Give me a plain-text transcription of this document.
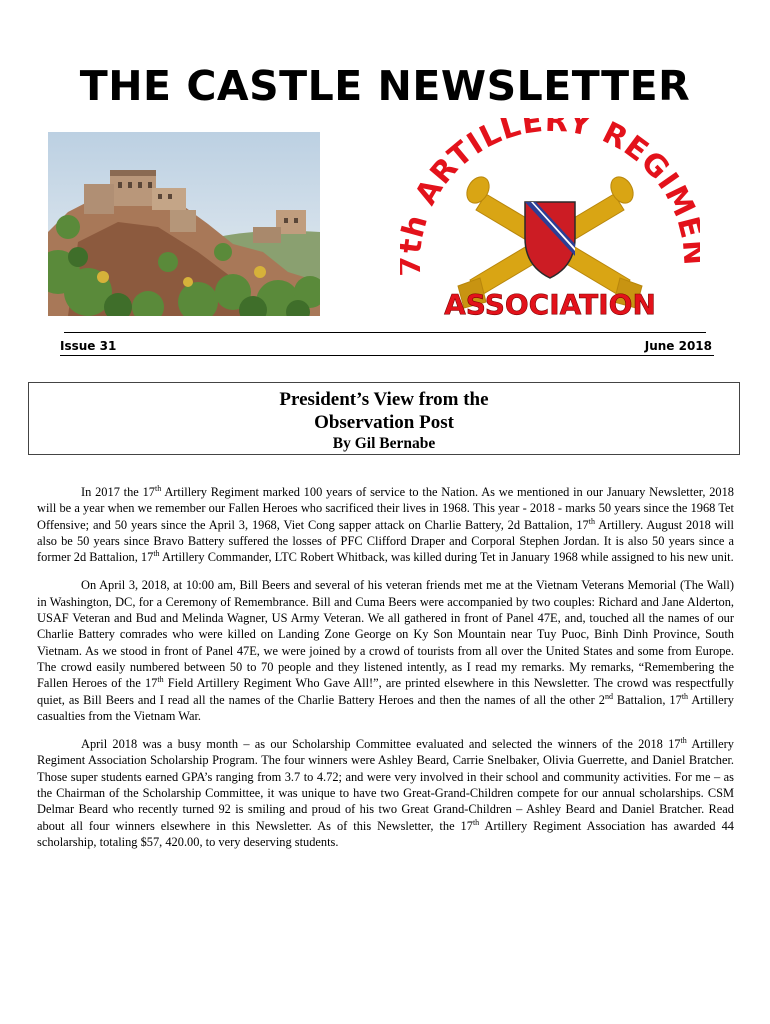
THE CASTLE NEWSLETTER
ARTILLERY REGIM
ASSOCIATION
Issue 31	June 2018
President’s View from the
Observation Post
By Gil Bernabe

In 2017 the 17th Artillery Regiment marked 100 years of service to the Nation. As we mentioned in our January Newsletter, 2018 will be a year when we remember our Fallen Heroes who sacrificed their lives in 1968. This year - 2018 - marks 50 years since the 1968 Tet Offensive; and 50 years since the April 3, 1968, Viet Cong sapper attack on Charlie Battery, 2d Battalion, 17th Artillery. August 2018 will also be 50 years since Bravo Battery suffered the losses of PFC Clifford Draper and Corporal Stephen Jordan. It is also 50 years since a former 2d Battalion, 17th Artillery Commander, LTC Robert Whitback, was killed during Tet in January 1968 while assigned to his new unit.

On April 3, 2018, at 10:00 am, Bill Beers and several of his veteran friends met me at the Vietnam Veterans Memorial (The Wall) in Washington, DC, for a Ceremony of Remembrance. Bill and Cuma Beers were accompanied by two couples: Richard and Jane Alderton, USAF Veteran and Bud and Melinda Wagner, US Army Veteran. We all gathered in front of Panel 47E, and, touched all the names of our Charlie Battery comrades who were killed on Landing Zone George on Ky Son Mountain near Tuy Puoc, Binh Dinh Province, South Vietnam. As we stood in front of Panel 47E, we were joined by a crowd of tourists from all over the United States and some from Europe. The crowd easily numbered between 50 to 70 people and they listened intently, as I read my remarks. My remarks, “Remembering the Fallen Heroes of the 17th Field Artillery Regiment Who Gave All!”, are printed elsewhere in this Newsletter. The crowd was respectfully quiet, as Bill Beers and I read all the names of the Charlie Battery Heroes and then the names of all the other 2nd Battalion, 17th Artillery casualties from the Vietnam War.

April 2018 was a busy month – as our Scholarship Committee evaluated and selected the winners of the 2018 17th Artillery Regiment Association Scholarship Program. The four winners were Ashley Beard, Carrie Snelbaker, Olivia Guerrette, and Daniel Bratcher. Those super students earned GPA’s ranging from 3.7 to 4.72; and were very involved in their school and community activities. For me – as the Chairman of the Scholarship Committee, it was unique to have two Great-Grand-Children compete for our annual scholarships. CSM Delmar Beard who recently turned 92 is smiling and proud of his two Great Grand-Children – Ashley Beard and Daniel Bratcher. Read about all four winners elsewhere in this Newsletter. As of this Newsletter, the 17th Artillery Regiment Association has awarded 44 scholarship, totaling $57, 420.00, to very deserving students.
